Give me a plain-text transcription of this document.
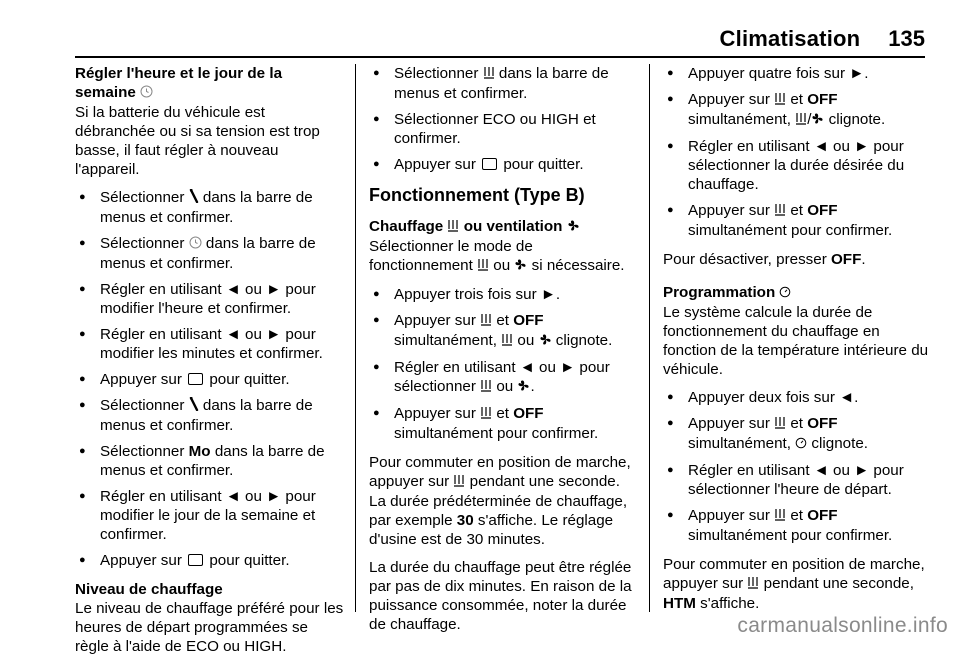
Climatisation 135
Régler l'heure et le jour de la
semaine

Si la batterie du véhicule est débranchée ou si sa tension est trop basse, il faut régler à nouveau l'appareil.

● Sélectionner  dans la barre de menus et confirmer.
● Sélectionner  dans la barre de menus et confirmer.
● Régler en utilisant ◄ ou ► pour modifier l'heure et confirmer.
● Régler en utilisant ◄ ou ► pour modifier les minutes et confirmer.
● Appuyer sur  pour quitter.
● Sélectionner  dans la barre de menus et confirmer.
● Sélectionner Mo dans la barre de menus et confirmer.
● Régler en utilisant ◄ ou ► pour modifier le jour de la semaine et confirmer.
● Appuyer sur  pour quitter.
Niveau de chauffage

Le niveau de chauffage préféré pour les heures de départ programmées se règle à l'aide de ECO ou HIGH.

● Sélectionner  dans la barre de menus et confirmer.
● Sélectionner ECO ou HIGH et confirmer.
● Appuyer sur  pour quitter.
Fonctionnement (Type B)
Chauffage  ou ventilation

Sélectionner le mode de fonctionnement  ou  si nécessaire.

● Appuyer trois fois sur ►.
● Appuyer sur  et OFF simultanément,  ou  clignote.
● Régler en utilisant ◄ ou ► pour sélectionner  ou .
● Appuyer sur  et OFF simultanément pour confirmer.

Pour commuter en position de marche, appuyer sur  pendant une seconde. La durée prédéterminée de chauffage, par exemple 30 s'affiche. Le réglage d'usine est de 30 minutes.

La durée du chauffage peut être réglée par pas de dix minutes. En raison de la puissance consommée, noter la durée de chauffage.

● Appuyer quatre fois sur ►.
● Appuyer sur  et OFF simultanément, / clignote.
● Régler en utilisant ◄ ou ► pour sélectionner la durée désirée du chauffage.
● Appuyer sur  et OFF simultanément pour confirmer.

Pour désactiver, presser OFF.

Programmation

Le système calcule la durée de fonctionnement du chauffage en fonction de la température intérieure du véhicule.

● Appuyer deux fois sur ◄.
● Appuyer sur  et OFF simultanément,  clignote.
● Régler en utilisant ◄ ou ► pour sélectionner l'heure de départ.
● Appuyer sur  et OFF simultanément pour confirmer.

Pour commuter en position de marche, appuyer sur  pendant une seconde, HTM s'affiche.

carmanualsonline.info
